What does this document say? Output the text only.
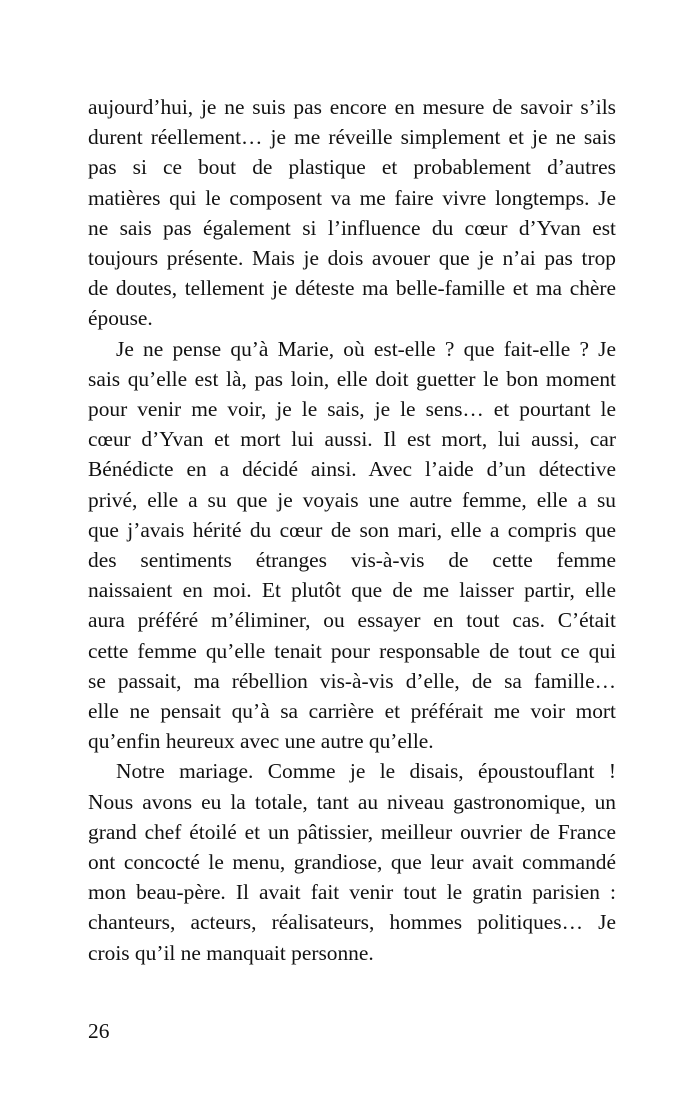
aujourd’hui, je ne suis pas encore en mesure de savoir s’ils
durent réellement… je me réveille simplement et je ne sais
pas si ce bout de plastique et probablement d’autres
matières qui le composent va me faire vivre longtemps. Je
ne sais pas également si l’influence du cœur d’Yvan est
toujours présente. Mais je dois avouer que je n’ai pas trop
de doutes, tellement je déteste ma belle-famille et ma chère
épouse.
Je ne pense qu’à Marie, où est-elle ? que fait-elle ? Je
sais qu’elle est là, pas loin, elle doit guetter le bon moment
pour venir me voir, je le sais, je le sens… et pourtant le
cœur d’Yvan et mort lui aussi. Il est mort, lui aussi, car
Bénédicte en a décidé ainsi. Avec l’aide d’un détective
privé, elle a su que je voyais une autre femme, elle a su
que j’avais hérité du cœur de son mari, elle a compris que
des sentiments étranges vis-à-vis de cette femme
naissaient en moi. Et plutôt que de me laisser partir, elle
aura préféré m’éliminer, ou essayer en tout cas. C’était
cette femme qu’elle tenait pour responsable de tout ce qui
se passait, ma rébellion vis-à-vis d’elle, de sa famille…
elle ne pensait qu’à sa carrière et préférait me voir mort
qu’enfin heureux avec une autre qu’elle.
Notre mariage. Comme je le disais, époustouflant !
Nous avons eu la totale, tant au niveau gastronomique, un
grand chef étoilé et un pâtissier, meilleur ouvrier de France
ont concocté le menu, grandiose, que leur avait commandé
mon beau-père. Il avait fait venir tout le gratin parisien :
chanteurs, acteurs, réalisateurs, hommes politiques… Je
crois qu’il ne manquait personne.
26
